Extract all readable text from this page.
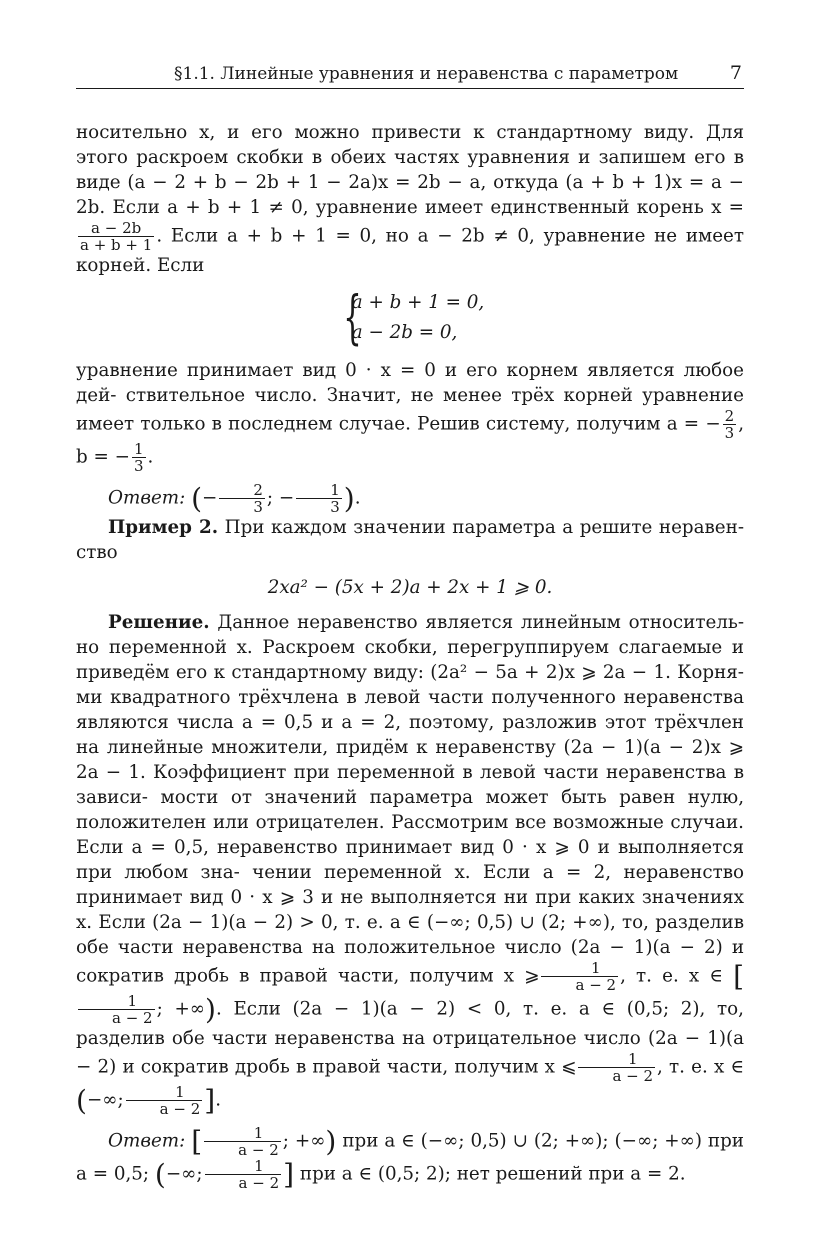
§1.1. Линейные уравнения и неравенства с параметром	7

носительно x, и его можно привести к стандартному виду. Для этого раскроем скобки в обеих частях уравнения и запишем его в виде (a − 2 + b − 2b + 1 − 2a)x = 2b − a, откуда (a + b + 1)x = a − 2b. Если a + b + 1 ≠ 0, уравнение имеет единственный корень x =
$\frac{a - 2b}{a + b + 1}$ . Если a + b + 1 = 0, но a − 2b ≠ 0, уравнение не имеет корней. Если

{
a + b + 1 = 0,
a − 2b = 0,

уравнение принимает вид 0 · x = 0 и его корнем является любое дей- ствительное число. Значит, не менее трёх корней уравнение имеет только в последнем случае. Решив систему, получим a = − $\frac{2}{3}$ , b = − $\frac{1}{3}$ .

Ответ: (− $\frac{2}{3}$ ; − $\frac{1}{3}$ ).

Пример 2. При каждом значении параметра a решите неравен- ство

2xa² − (5x + 2)a + 2x + 1 ⩾ 0.

Решение. Данное неравенство является линейным относитель- но переменной x. Раскроем скобки, перегруппируем слагаемые и приведём его к стандартному виду: (2a² − 5a + 2)x ⩾ 2a − 1. Корня- ми квадратного трёхчлена в левой части полученного неравенства являются числа a = 0,5 и a = 2, поэтому, разложив этот трёхчлен на линейные множители, придём к неравенству (2a − 1)(a − 2)x ⩾ 2a − 1. Коэффициент при переменной в левой части неравенства в зависи- мости от значений параметра может быть равен нулю, положителен или отрицателен. Рассмотрим все возможные случаи. Если a = 0,5, неравенство принимает вид 0 · x ⩾ 0 и выполняется при любом зна- чении переменной x. Если a = 2, неравенство принимает вид 0 · x ⩾ 3 и не выполняется ни при каких значениях x. Если (2a − 1)(a − 2) > 0, т. е. a ∈ (−∞; 0,5) ∪ (2; +∞), то, разделив обе части неравенства на положительное число (2a − 1)(a − 2) и сократив дробь в правой части, получим x ⩾ $\frac{1}{a - 2}$ , т. е. x ∈ [
$\frac{1}{a - 2}$ ; +∞). Если (2a − 1)(a − 2) < 0, т. е. a ∈ (0,5; 2), то, разделив обе части неравенства на отрицательное число (2a − 1)(a − 2) и сократив дробь в правой части, получим x ⩽ $\frac{1}{a - 2}$ , т. е. x ∈ (−∞; $\frac{1}{a - 2}$ ].

Ответ: [ $\frac{1}{a - 2}$ ; +∞) при a ∈ (−∞; 0,5) ∪ (2; +∞); (−∞; +∞) при a = 0,5; (−∞; $\frac{1}{a - 2}$ ] при a ∈ (0,5; 2); нет решений при a = 2.
